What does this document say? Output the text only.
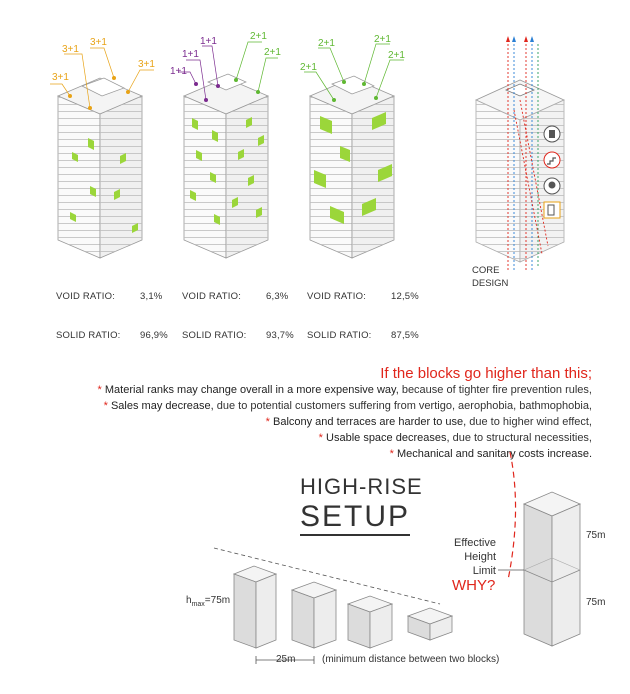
3+1
3+1
3+1
3+1
1+1
1+1
1+1	2+1
2+1
2+1
2+1	2+1
2+1

VOID RATIO:	3,1%

SOLID RATIO: 96,9%

VOID RATIO:	6,3%

SOLID RATIO: 93,7%

VOID RATIO:	12,5%

SOLID RATIO: 87,5%

CORE
DESIGN
If the blocks go higher than this;
* Material ranks may change overall in a more expensive way, because of tighter fire prevention rules,
* Sales may decrease, due to potential customers suffering from vertigo, aerophobia, bathmophobia,
* Balcony and terraces are harder to use, due to higher wind effect,
* Usable space decreases, due to structural necessities,
* Mechanical and sanitary costs increase.
HIGH-RISE
SETUP
Effective
Height
Limit
WHY?
$h_{max}=75m$
25m	(minimum distance between two blocks)
75m
75m
